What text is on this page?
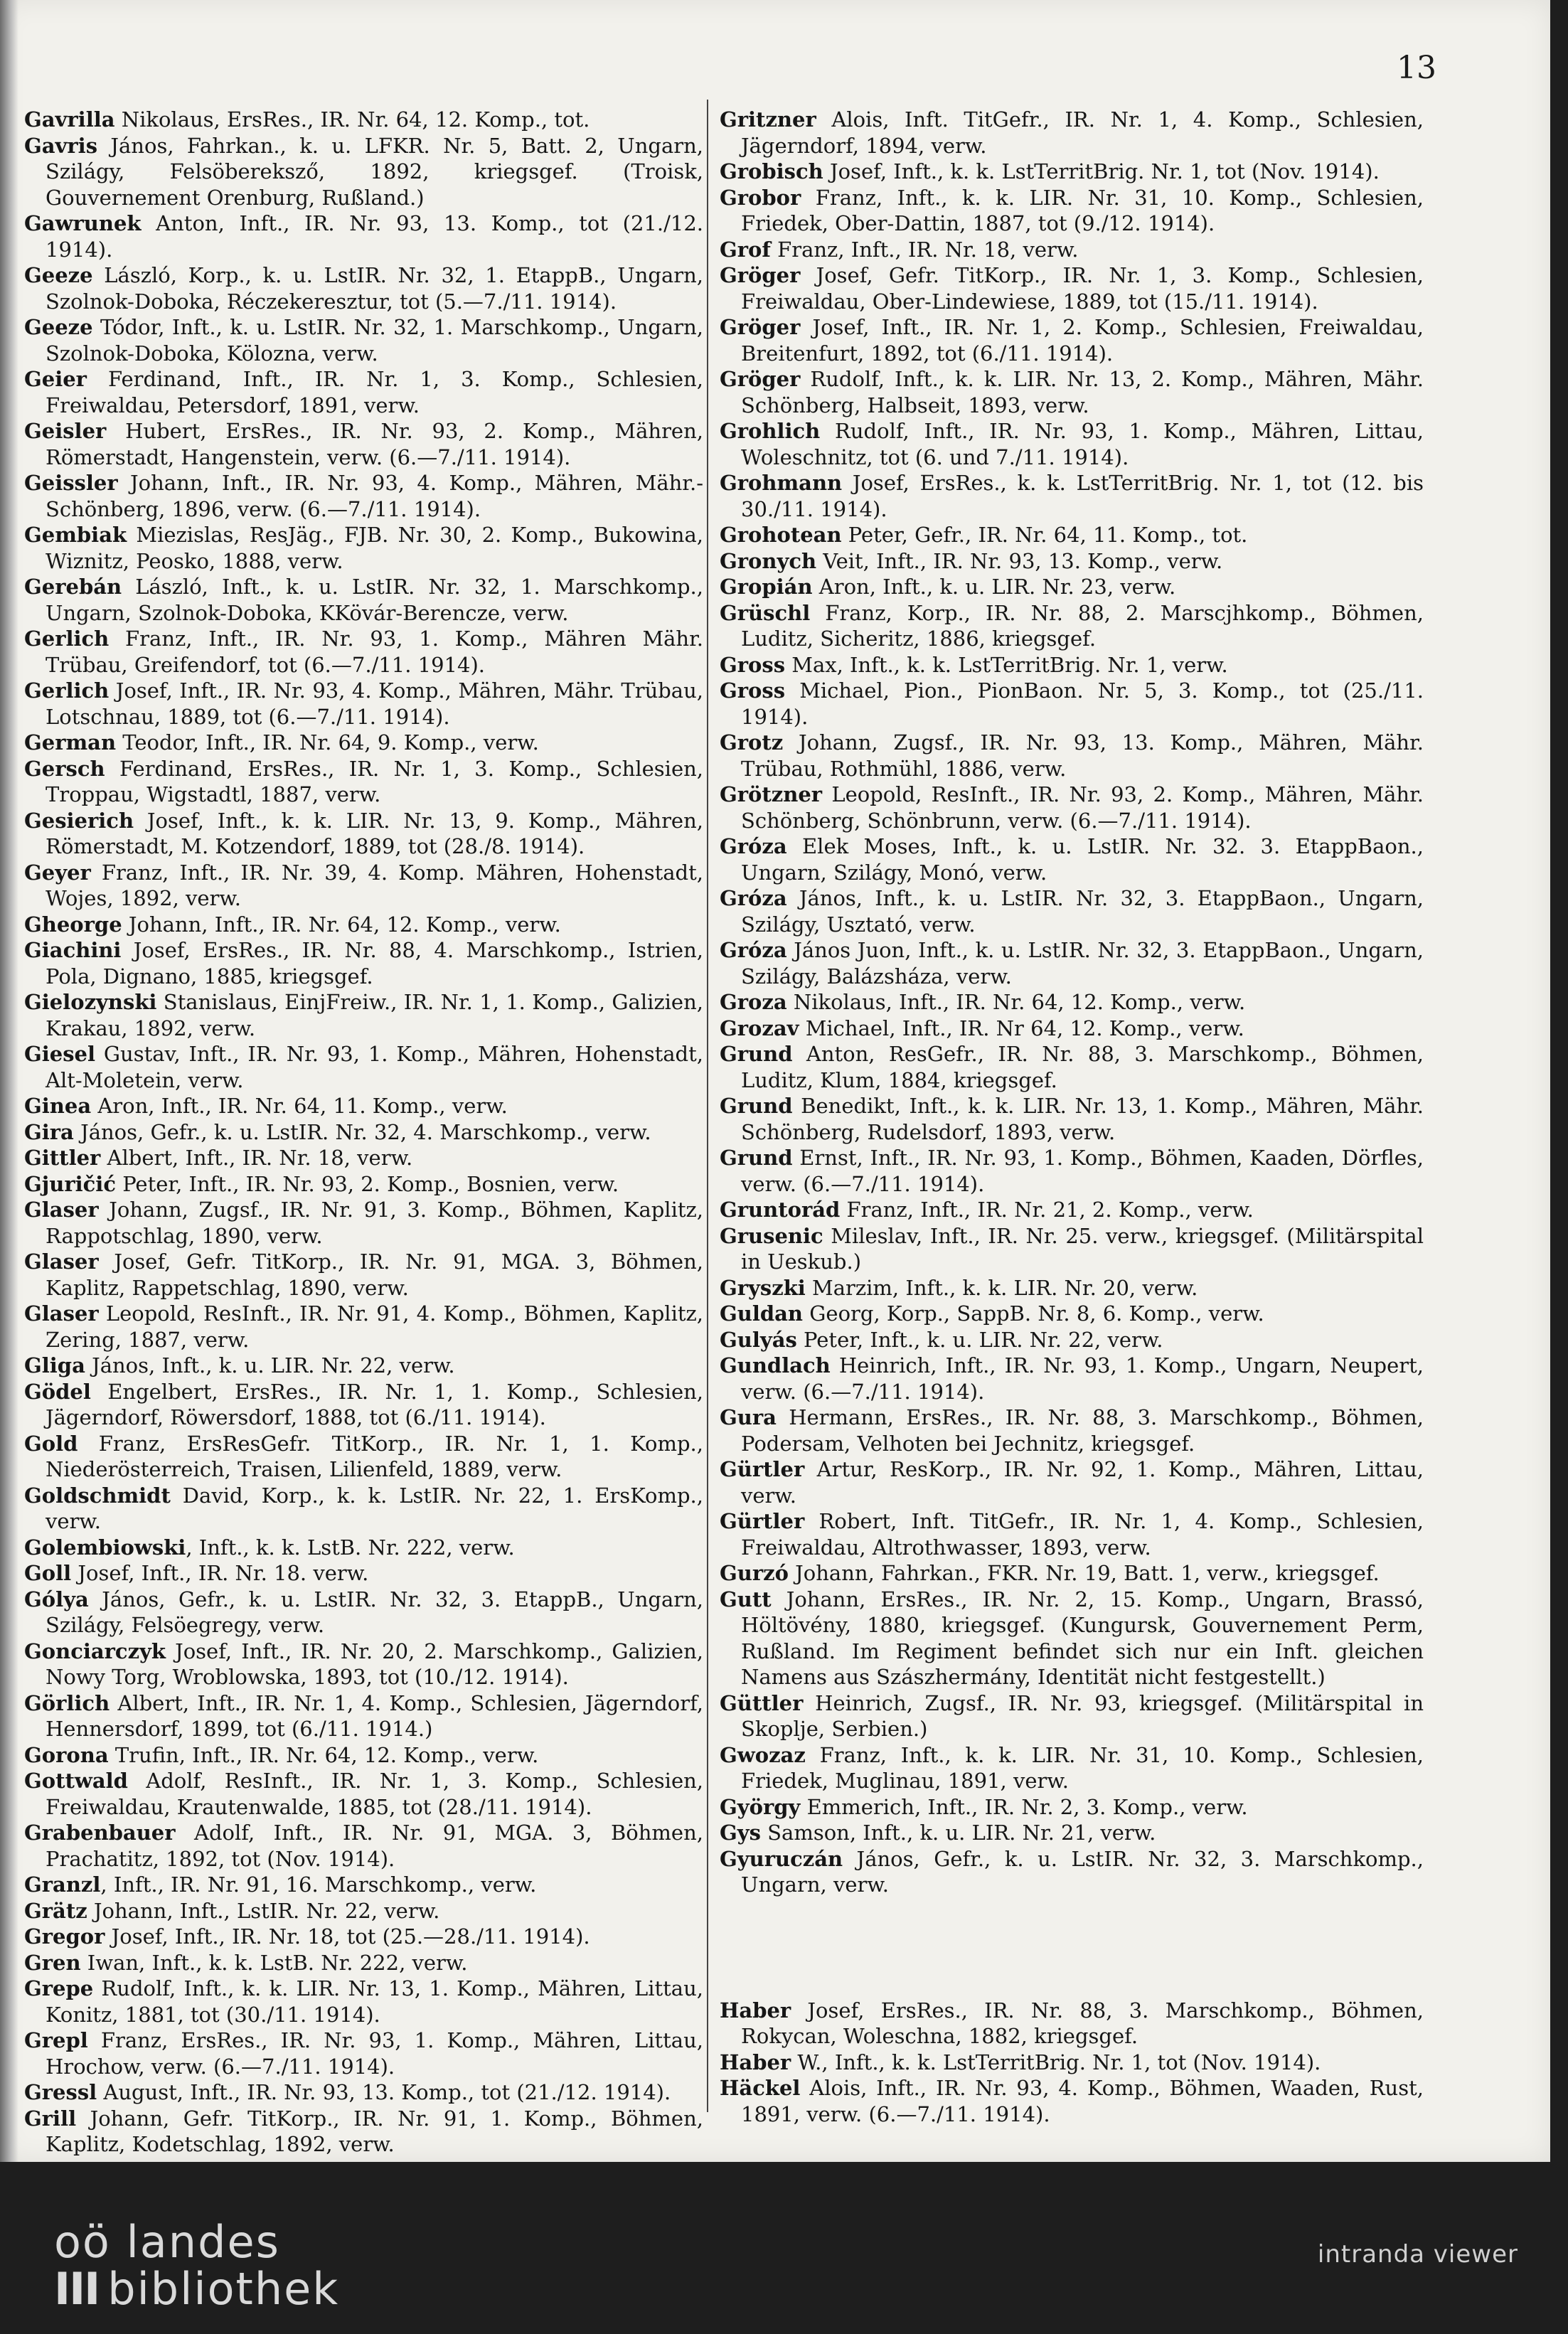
13

Gavrilla Nikolaus, ErsRes., IR. Nr. 64, 12. Komp., tot.

Gavris János, Fahrkan., k. u. LFKR. Nr. 5, Batt. 2, Ungarn, Szilágy, Felsöbereksző, 1892, kriegsgef. (Troisk, Gouvernement Orenburg, Rußland.)

Gawrunek Anton, Inft., IR. Nr. 93, 13. Komp., tot (21./12. 1914).

Geeze László, Korp., k. u. LstIR. Nr. 32, 1. EtappB., Ungarn, Szolnok-Doboka, Réczekeresztur, tot (5.—7./11. 1914).

Geeze Tódor, Inft., k. u. LstIR. Nr. 32, 1. Marschkomp., Ungarn, Szolnok-Doboka, Kölozna, verw.

Geier Ferdinand, Inft., IR. Nr. 1, 3. Komp., Schlesien, Freiwaldau, Petersdorf, 1891, verw.

Geisler Hubert, ErsRes., IR. Nr. 93, 2. Komp., Mähren, Römerstadt, Hangenstein, verw. (6.—7./11. 1914).

Geissler Johann, Inft., IR. Nr. 93, 4. Komp., Mähren, Mähr.-Schönberg, 1896, verw. (6.—7./11. 1914).

Gembiak Miezislas, ResJäg., FJB. Nr. 30, 2. Komp., Bukowina, Wiznitz, Peosko, 1888, verw.

Gerebán László, Inft., k. u. LstIR. Nr. 32, 1. Marschkomp., Ungarn, Szolnok-Doboka, KKövár-Berencze, verw.

Gerlich Franz, Inft., IR. Nr. 93, 1. Komp., Mähren Mähr. Trübau, Greifendorf, tot (6.—7./11. 1914).

Gerlich Josef, Inft., IR. Nr. 93, 4. Komp., Mähren, Mähr. Trübau, Lotschnau, 1889, tot (6.—7./11. 1914).

German Teodor, Inft., IR. Nr. 64, 9. Komp., verw.

Gersch Ferdinand, ErsRes., IR. Nr. 1, 3. Komp., Schlesien, Troppau, Wigstadtl, 1887, verw.

Gesierich Josef, Inft., k. k. LIR. Nr. 13, 9. Komp., Mähren, Römerstadt, M. Kotzendorf, 1889, tot (28./8. 1914).

Geyer Franz, Inft., IR. Nr. 39, 4. Komp. Mähren, Hohenstadt, Wojes, 1892, verw.

Gheorge Johann, Inft., IR. Nr. 64, 12. Komp., verw.

Giachini Josef, ErsRes., IR. Nr. 88, 4. Marschkomp., Istrien, Pola, Dignano, 1885, kriegsgef.

Gielozynski Stanislaus, EinjFreiw., IR. Nr. 1, 1. Komp., Galizien, Krakau, 1892, verw.

Giesel Gustav, Inft., IR. Nr. 93, 1. Komp., Mähren, Hohenstadt, Alt-Moletein, verw.

Ginea Aron, Inft., IR. Nr. 64, 11. Komp., verw.

Gira János, Gefr., k. u. LstIR. Nr. 32, 4. Marschkomp., verw.

Gittler Albert, Inft., IR. Nr. 18, verw.

Gjuričić Peter, Inft., IR. Nr. 93, 2. Komp., Bosnien, verw.

Glaser Johann, Zugsf., IR. Nr. 91, 3. Komp., Böhmen, Kaplitz, Rappotschlag, 1890, verw.

Glaser Josef, Gefr. TitKorp., IR. Nr. 91, MGA. 3, Böhmen, Kaplitz, Rappetschlag, 1890, verw.

Glaser Leopold, ResInft., IR. Nr. 91, 4. Komp., Böhmen, Kaplitz, Zering, 1887, verw.

Gliga János, Inft., k. u. LIR. Nr. 22, verw.

Gödel Engelbert, ErsRes., IR. Nr. 1, 1. Komp., Schlesien, Jägerndorf, Röwersdorf, 1888, tot (6./11. 1914).

Gold Franz, ErsResGefr. TitKorp., IR. Nr. 1, 1. Komp., Niederösterreich, Traisen, Lilienfeld, 1889, verw.

Goldschmidt David, Korp., k. k. LstIR. Nr. 22, 1. ErsKomp., verw.

Golembiowski, Inft., k. k. LstB. Nr. 222, verw.

Goll Josef, Inft., IR. Nr. 18. verw.

Gólya János, Gefr., k. u. LstIR. Nr. 32, 3. EtappB., Ungarn, Szilágy, Felsöegregy, verw.

Gonciarczyk Josef, Inft., IR. Nr. 20, 2. Marschkomp., Galizien, Nowy Torg, Wroblowska, 1893, tot (10./12. 1914).

Görlich Albert, Inft., IR. Nr. 1, 4. Komp., Schlesien, Jägerndorf, Hennersdorf, 1899, tot (6./11. 1914.)

Gorona Trufin, Inft., IR. Nr. 64, 12. Komp., verw.

Gottwald Adolf, ResInft., IR. Nr. 1, 3. Komp., Schlesien, Freiwaldau, Krautenwalde, 1885, tot (28./11. 1914).

Grabenbauer Adolf, Inft., IR. Nr. 91, MGA. 3, Böhmen, Prachatitz, 1892, tot (Nov. 1914).

Granzl, Inft., IR. Nr. 91, 16. Marschkomp., verw.

Grätz Johann, Inft., LstIR. Nr. 22, verw.

Gregor Josef, Inft., IR. Nr. 18, tot (25.—28./11. 1914).

Gren Iwan, Inft., k. k. LstB. Nr. 222, verw.

Grepe Rudolf, Inft., k. k. LIR. Nr. 13, 1. Komp., Mähren, Littau, Konitz, 1881, tot (30./11. 1914).

Grepl Franz, ErsRes., IR. Nr. 93, 1. Komp., Mähren, Littau, Hrochow, verw. (6.—7./11. 1914).

Gressl August, Inft., IR. Nr. 93, 13. Komp., tot (21./12. 1914).

Grill Johann, Gefr. TitKorp., IR. Nr. 91, 1. Komp., Böhmen, Kaplitz, Kodetschlag, 1892, verw.

Gritzner Alois, Inft. TitGefr., IR. Nr. 1, 4. Komp., Schlesien, Jägerndorf, 1894, verw.

Grobisch Josef, Inft., k. k. LstTerritBrig. Nr. 1, tot (Nov. 1914).

Grobor Franz, Inft., k. k. LIR. Nr. 31, 10. Komp., Schlesien, Friedek, Ober-Dattin, 1887, tot (9./12. 1914).

Grof Franz, Inft., IR. Nr. 18, verw.

Gröger Josef, Gefr. TitKorp., IR. Nr. 1, 3. Komp., Schlesien, Freiwaldau, Ober-Lindewiese, 1889, tot (15./11. 1914).

Gröger Josef, Inft., IR. Nr. 1, 2. Komp., Schlesien, Freiwaldau, Breitenfurt, 1892, tot (6./11. 1914).

Gröger Rudolf, Inft., k. k. LIR. Nr. 13, 2. Komp., Mähren, Mähr. Schönberg, Halbseit, 1893, verw.

Grohlich Rudolf, Inft., IR. Nr. 93, 1. Komp., Mähren, Littau, Woleschnitz, tot (6. und 7./11. 1914).

Grohmann Josef, ErsRes., k. k. LstTerritBrig. Nr. 1, tot (12. bis 30./11. 1914).

Grohotean Peter, Gefr., IR. Nr. 64, 11. Komp., tot.

Gronych Veit, Inft., IR. Nr. 93, 13. Komp., verw.

Gropián Aron, Inft., k. u. LIR. Nr. 23, verw.

Grüschl Franz, Korp., IR. Nr. 88, 2. Marscjhkomp., Böhmen, Luditz, Sicheritz, 1886, kriegsgef.

Gross Max, Inft., k. k. LstTerritBrig. Nr. 1, verw.

Gross Michael, Pion., PionBaon. Nr. 5, 3. Komp., tot (25./11. 1914).

Grotz Johann, Zugsf., IR. Nr. 93, 13. Komp., Mähren, Mähr. Trübau, Rothmühl, 1886, verw.

Grötzner Leopold, ResInft., IR. Nr. 93, 2. Komp., Mähren, Mähr. Schönberg, Schönbrunn, verw. (6.—7./11. 1914).

Gróza Elek Moses, Inft., k. u. LstIR. Nr. 32. 3. EtappBaon., Ungarn, Szilágy, Monó, verw.

Gróza János, Inft., k. u. LstIR. Nr. 32, 3. EtappBaon., Ungarn, Szilágy, Usztató, verw.

Gróza János Juon, Inft., k. u. LstIR. Nr. 32, 3. EtappBaon., Ungarn, Szilágy, Balázsháza, verw.

Groza Nikolaus, Inft., IR. Nr. 64, 12. Komp., verw.

Grozav Michael, Inft., IR. Nr 64, 12. Komp., verw.

Grund Anton, ResGefr., IR. Nr. 88, 3. Marschkomp., Böhmen, Luditz, Klum, 1884, kriegsgef.

Grund Benedikt, Inft., k. k. LIR. Nr. 13, 1. Komp., Mähren, Mähr. Schönberg, Rudelsdorf, 1893, verw.

Grund Ernst, Inft., IR. Nr. 93, 1. Komp., Böhmen, Kaaden, Dörfles, verw. (6.—7./11. 1914).

Gruntorád Franz, Inft., IR. Nr. 21, 2. Komp., verw.

Grusenic Mileslav, Inft., IR. Nr. 25. verw., kriegsgef. (Militärspital in Ueskub.)

Gryszki Marzim, Inft., k. k. LIR. Nr. 20, verw.

Guldan Georg, Korp., SappB. Nr. 8, 6. Komp., verw.

Gulyás Peter, Inft., k. u. LIR. Nr. 22, verw.

Gundlach Heinrich, Inft., IR. Nr. 93, 1. Komp., Ungarn, Neupert, verw. (6.—7./11. 1914).

Gura Hermann, ErsRes., IR. Nr. 88, 3. Marschkomp., Böhmen, Podersam, Velhoten bei Jechnitz, kriegsgef.

Gürtler Artur, ResKorp., IR. Nr. 92, 1. Komp., Mähren, Littau, verw.

Gürtler Robert, Inft. TitGefr., IR. Nr. 1, 4. Komp., Schlesien, Freiwaldau, Altrothwasser, 1893, verw.

Gurzó Johann, Fahrkan., FKR. Nr. 19, Batt. 1, verw., kriegsgef.

Gutt Johann, ErsRes., IR. Nr. 2, 15. Komp., Ungarn, Brassó, Höltövény, 1880, kriegsgef. (Kungursk, Gouvernement Perm, Rußland. Im Regiment befindet sich nur ein Inft. gleichen Namens aus Szászhermány, Identität nicht festgestellt.)

Güttler Heinrich, Zugsf., IR. Nr. 93, kriegsgef. (Militärspital in Skoplje, Serbien.)

Gwozaz Franz, Inft., k. k. LIR. Nr. 31, 10. Komp., Schlesien, Friedek, Muglinau, 1891, verw.

György Emmerich, Inft., IR. Nr. 2, 3. Komp., verw.

Gys Samson, Inft., k. u. LIR. Nr. 21, verw.

Gyuruczán János, Gefr., k. u. LstIR. Nr. 32, 3. Marschkomp., Ungarn, verw.

Haber Josef, ErsRes., IR. Nr. 88, 3. Marschkomp., Böhmen, Rokycan, Woleschna, 1882, kriegsgef.

Haber W., Inft., k. k. LstTerritBrig. Nr. 1, tot (Nov. 1914).

Häckel Alois, Inft., IR. Nr. 93, 4. Komp., Böhmen, Waaden, Rust, 1891, verw. (6.—7./11. 1914).

oö landes
III bibliothek
intranda viewer
